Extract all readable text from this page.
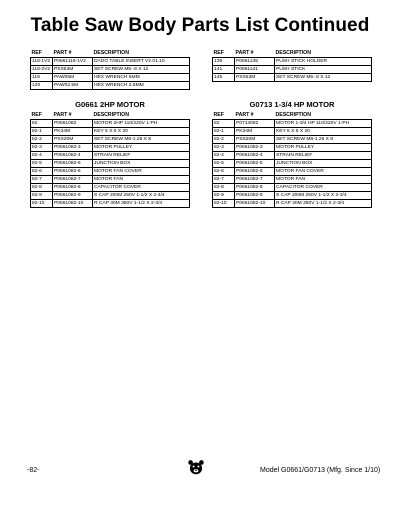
Table Saw Body Parts List Continued
REF	PART #	DESCRIPTION
118-1V2	P0661118-1V2	DADO TABLE INSERT V2.01.10
118-2V2	PSS53M	SET SCREW M5-.8 X 12
119	PAW05M	HEX WRENCH 5MM
120	PAW02.5M	HEX WRENCH 2.5MM
REF	PART #	DESCRIPTION
135	P0661135	PUSH STICK HOLDER
141	P0661141	PUSH STICK
145	PSS53M	SET SCREW M5-.8 X 12
G0661 2HP MOTOR
REF	PART #	DESCRIPTION
82	P0661082	MOTOR 2HP 110/220V 1-PH
82-1	PK34M	KEY 5 X 5 X 20
82-2	PSS20M	SET SCREW M8-1.25 X 8
82-3	P0661082-3	MOTOR PULLEY
82-4	P0661082-4	STRAIN RELIEF
82-5	P0661082-5	JUNCTION BOX
82-6	P0661082-6	MOTOR FAN COVER
82-7	P0661082-7	MOTOR FAN
82-8	P0661082-8	CAPACITOR COVER
82-9	P0661082-9	S CAP 200M 250V 1-1/2 X 2-3/4
82-10	P0661082-10	R CAP 30M 350V 1-1/2 X 2-3/4
G0713 1-3/4 HP MOTOR
REF	PART #	DESCRIPTION
82	P0713082	MOTOR 1-3/4 HP 110/220V 1-PH
82-1	PK34M	KEY 5 X 5 X 20
82-2	PSS20M	SET SCREW M8-1.25 X 8
82-3	P0661082-3	MOTOR PULLEY
82-4	P0661082-4	STRAIN RELIEF
82-5	P0661082-5	JUNCTION BOX
82-6	P0661082-6	MOTOR FAN COVER
82-7	P0661082-7	MOTOR FAN
82-8	P0661082-8	CAPACITOR COVER
82-9	P0661082-9	S CAP 200M 250V 1-1/2 X 2-3/4
82-10	P0661082-10	R CAP 30M 350V 1-1/2 X 2-3/4
-82-	Model G0661/G0713 (Mfg. Since 1/10)
